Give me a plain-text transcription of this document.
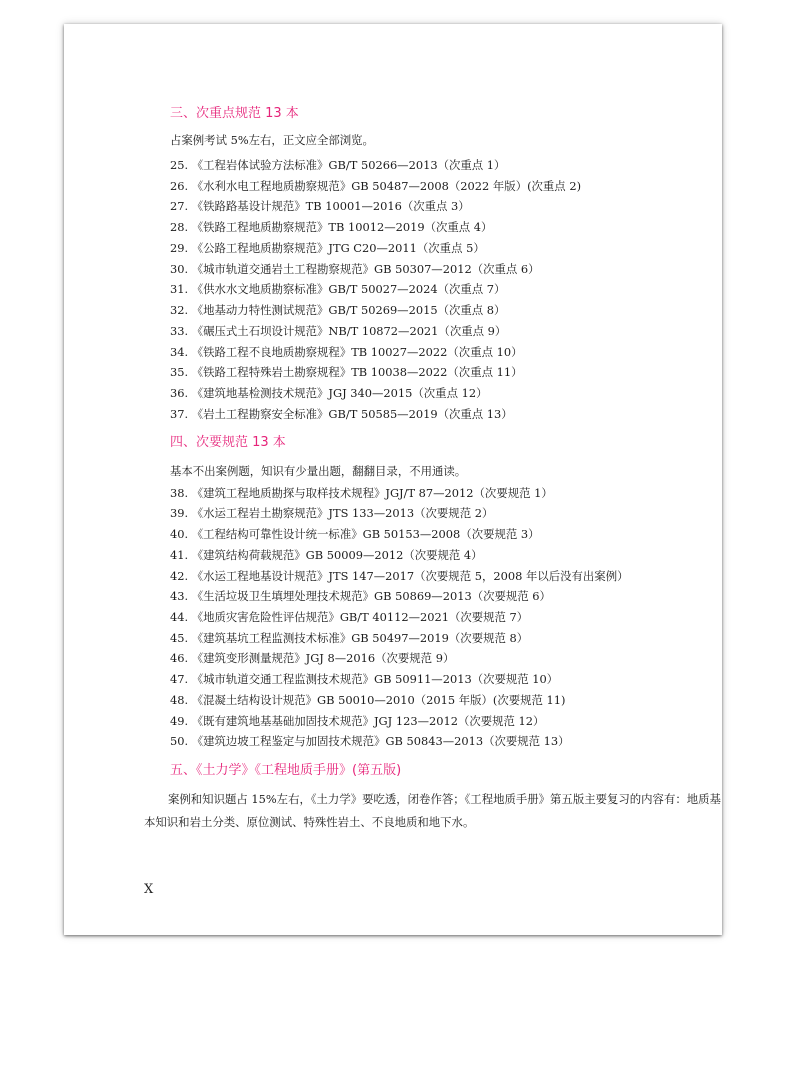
三、次重点规范 13 本
占案例考试 5%左右，正文应全部浏览。
25. 《工程岩体试验方法标准》GB/T 50266—2013（次重点 1）
26. 《水利水电工程地质勘察规范》GB 50487—2008（2022 年版）(次重点 2)
27. 《铁路路基设计规范》TB 10001—2016（次重点 3）
28. 《铁路工程地质勘察规范》TB 10012—2019（次重点 4）
29. 《公路工程地质勘察规范》JTG C20—2011（次重点 5）
30. 《城市轨道交通岩土工程勘察规范》GB 50307—2012（次重点 6）
31. 《供水水文地质勘察标准》GB/T 50027—2024（次重点 7）
32. 《地基动力特性测试规范》GB/T 50269—2015（次重点 8）
33. 《碾压式土石坝设计规范》NB/T 10872—2021（次重点 9）
34. 《铁路工程不良地质勘察规程》TB 10027—2022（次重点 10）
35. 《铁路工程特殊岩土勘察规程》TB 10038—2022（次重点 11）
36. 《建筑地基检测技术规范》JGJ 340—2015（次重点 12）
37. 《岩土工程勘察安全标准》GB/T 50585—2019（次重点 13）
四、次要规范 13 本
基本不出案例题，知识有少量出题，翻翻目录，不用通读。
38. 《建筑工程地质勘探与取样技术规程》JGJ/T 87—2012（次要规范 1）
39. 《水运工程岩土勘察规范》JTS 133—2013（次要规范 2）
40. 《工程结构可靠性设计统一标准》GB 50153—2008（次要规范 3）
41. 《建筑结构荷载规范》GB 50009—2012（次要规范 4）
42. 《水运工程地基设计规范》JTS 147—2017（次要规范 5，2008 年以后没有出案例）
43. 《生活垃圾卫生填埋处理技术规范》GB 50869—2013（次要规范 6）
44. 《地质灾害危险性评估规范》GB/T 40112—2021（次要规范 7）
45. 《建筑基坑工程监测技术标准》GB 50497—2019（次要规范 8）
46. 《建筑变形测量规范》JGJ 8—2016（次要规范 9）
47. 《城市轨道交通工程监测技术规范》GB 50911—2013（次要规范 10）
48. 《混凝土结构设计规范》GB 50010—2010（2015 年版）(次要规范 11)
49. 《既有建筑地基基础加固技术规范》JGJ 123—2012（次要规范 12）
50. 《建筑边坡工程鉴定与加固技术规范》GB 50843—2013（次要规范 13）
五、《土力学》《工程地质手册》(第五版)
案例和知识题占 15%左右，《土力学》要吃透，闭卷作答；《工程地质手册》第五版主要复习的内容有：地质基本知识和岩土分类、原位测试、特殊性岩土、不良地质和地下水。
X
